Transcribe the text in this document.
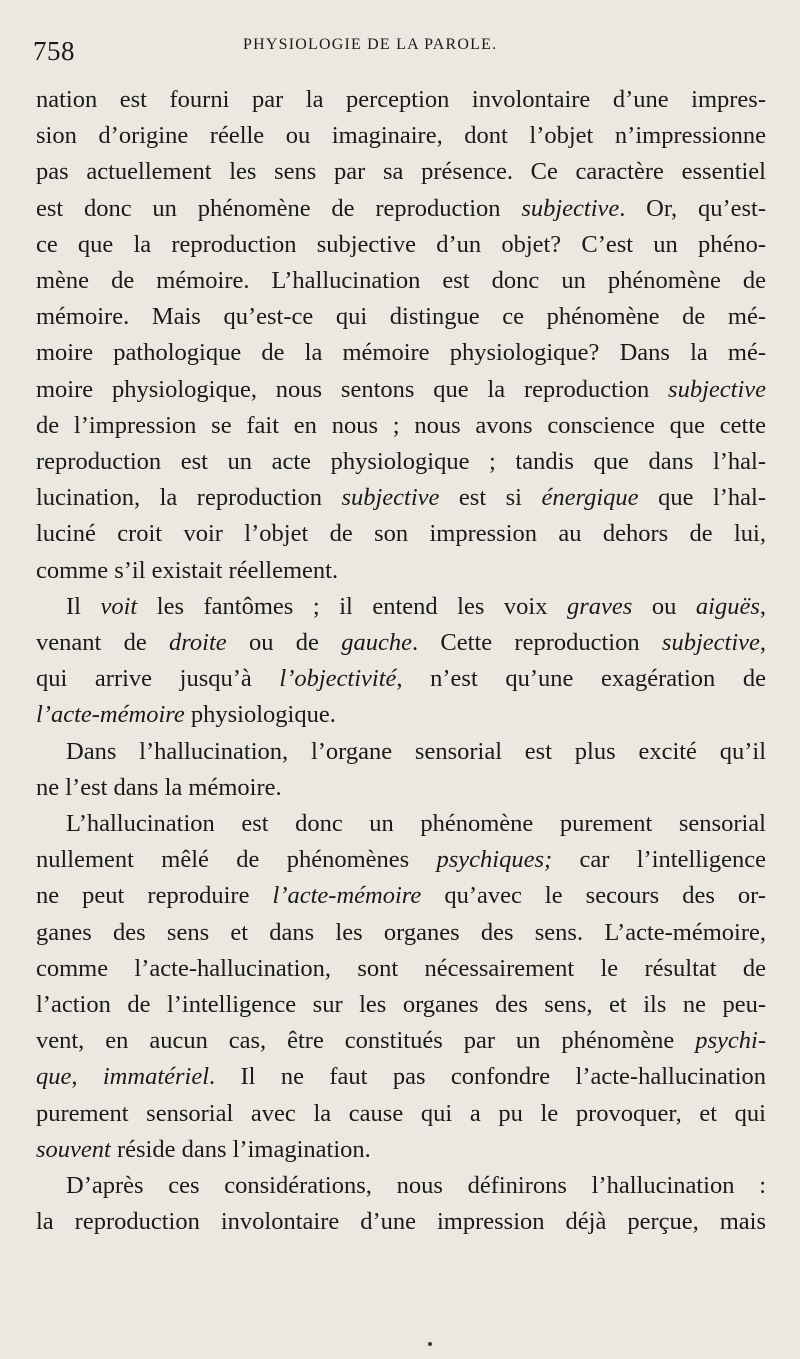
758	PHYSIOLOGIE DE LA PAROLE.
nation est fourni par la perception involontaire d’une impres-
sion d’origine réelle ou imaginaire, dont l’objet n’impressionne
pas actuellement les sens par sa présence. Ce caractère essentiel
est donc un phénomène de reproduction subjective. Or, qu’est-
ce que la reproduction subjective d’un objet? C’est un phéno-
mène de mémoire. L’hallucination est donc un phénomène de
mémoire. Mais qu’est-ce qui distingue ce phénomène de mé-
moire pathologique de la mémoire physiologique? Dans la mé-
moire physiologique, nous sentons que la reproduction subjective
de l’impression se fait en nous ; nous avons conscience que cette
reproduction est un acte physiologique ; tandis que dans l’hal-
lucination, la reproduction subjective est si énergique que l’hal-
luciné croit voir l’objet de son impression au dehors de lui,
comme s’il existait réellement.
Il voit les fantômes ; il entend les voix graves ou aiguës,
venant de droite ou de gauche. Cette reproduction subjective,
qui arrive jusqu’à l’objectivité, n’est qu’une exagération de
l’acte-mémoire physiologique.
Dans l’hallucination, l’organe sensorial est plus excité qu’il
ne l’est dans la mémoire.
L’hallucination est donc un phénomène purement sensorial
nullement mêlé de phénomènes psychiques; car l’intelligence
ne peut reproduire l’acte-mémoire qu’avec le secours des or-
ganes des sens et dans les organes des sens. L’acte-mémoire,
comme l’acte-hallucination, sont nécessairement le résultat de
l’action de l’intelligence sur les organes des sens, et ils ne peu-
vent, en aucun cas, être constitués par un phénomène psychi-
que, immatériel. Il ne faut pas confondre l’acte-hallucination
purement sensorial avec la cause qui a pu le provoquer, et qui
souvent réside dans l’imagination.
D’après ces considérations, nous définirons l’hallucination :
la reproduction involontaire d’une impression déjà perçue, mais
